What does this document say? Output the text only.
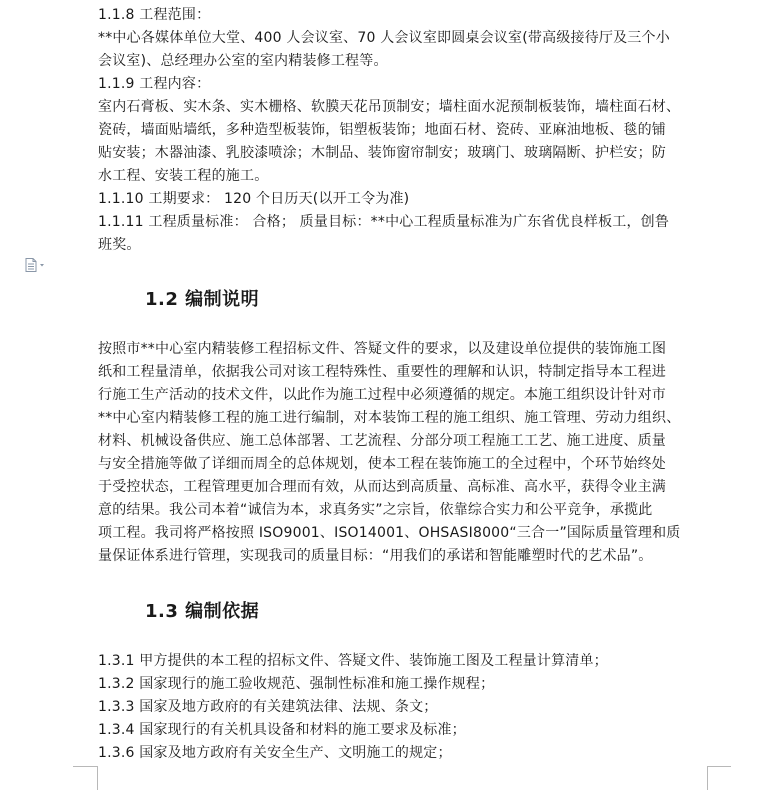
1.1.8 工程范围：
**中心各媒体单位大堂、400 人会议室、70 人会议室即圆桌会议室(带高级接待厅及三个小
会议室)、总经理办公室的室内精装修工程等。
1.1.9 工程内容：
室内石膏板、实木条、实木栅格、软膜天花吊顶制安；墙柱面水泥预制板装饰，墙柱面石材、
瓷砖，墙面贴墙纸，多种造型板装饰，铝塑板装饰；地面石材、瓷砖、亚麻油地板、毯的铺
贴安装；木器油漆、乳胶漆喷涂；木制品、装饰窗帘制安；玻璃门、玻璃隔断、护栏安；防
水工程、安装工程的施工。
1.1.10 工期要求： 120 个日历天(以开工令为准)
1.1.11 工程质量标准： 合格； 质量目标：**中心工程质量标准为广东省优良样板工，创鲁
班奖。
1.2 编制说明
按照市**中心室内精装修工程招标文件、答疑文件的要求，以及建设单位提供的装饰施工图
纸和工程量清单，依据我公司对该工程特殊性、重要性的理解和认识，特制定指导本工程进
行施工生产活动的技术文件，以此作为施工过程中必须遵循的规定。本施工组织设计针对市
**中心室内精装修工程的施工进行编制，对本装饰工程的施工组织、施工管理、劳动力组织、
材料、机械设备供应、施工总体部署、工艺流程、分部分项工程施工工艺、施工进度、质量
与安全措施等做了详细而周全的总体规划，使本工程在装饰施工的全过程中，个环节始终处
于受控状态，工程管理更加合理而有效，从而达到高质量、高标准、高水平，获得令业主满
意的结果。我公司本着“诚信为本，求真务实”之宗旨，依靠综合实力和公平竞争，承揽此
项工程。我司将严格按照 ISO9001、ISO14001、OHSASI8000“三合一”国际质量管理和质
量保证体系进行管理，实现我司的质量目标：“用我们的承诺和智能雕塑时代的艺术品”。
1.3 编制依据
1.3.1 甲方提供的本工程的招标文件、答疑文件、装饰施工图及工程量计算清单；
1.3.2 国家现行的施工验收规范、强制性标准和施工操作规程；
1.3.3 国家及地方政府的有关建筑法律、法规、条文；
1.3.4 国家现行的有关机具设备和材料的施工要求及标准；
1.3.6 国家及地方政府有关安全生产、文明施工的规定；
